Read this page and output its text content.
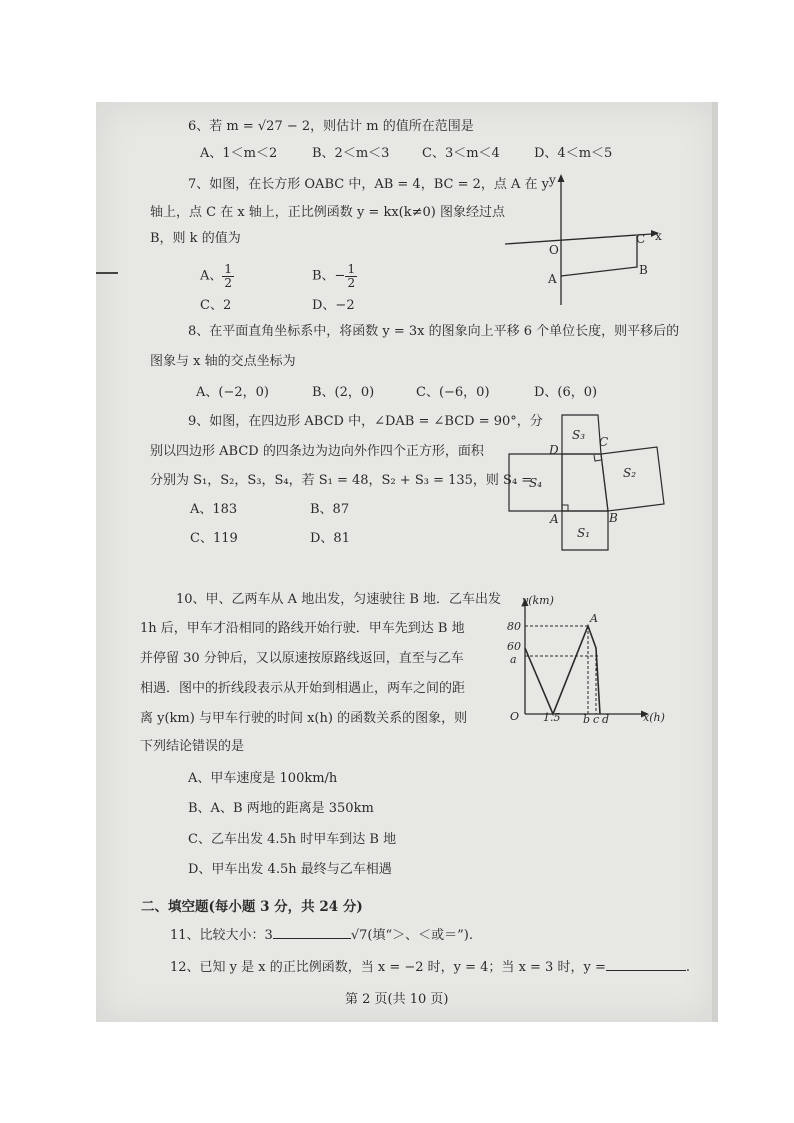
6、若 m = √27 − 2，则估计 m 的值所在范围是
A、1＜m＜2	B、2＜m＜3	C、3＜m＜4	D、4＜m＜5
7、如图，在长方形 OABC 中，AB = 4，BC = 2，点 A 在 y
轴上，点 C 在 x 轴上，正比例函数 y = kx(k≠0) 图象经过点
B，则 k 的值为
A、 $\frac{1}{2}$	B、− $\frac{1}{2}$
C、2	D、−2
y
x
O
A
B
C
8、在平面直角坐标系中，将函数 y = 3x 的图象向上平移 6 个单位长度，则平移后的
图象与 x 轴的交点坐标为
A、(−2，0)	B、(2，0)	C、(−6，0)	D、(6，0)
9、如图，在四边形 ABCD 中，∠DAB = ∠BCD = 90°，分
别以四边形 ABCD 的四条边为边向外作四个正方形，面积
分别为 S₁，S₂，S₃，S₄，若 S₁ = 48，S₂ + S₃ = 135，则 S₄ =
A、183	B、87
C、119	D、81	S₁
S₂
S₃
S₄
A	B
C
D
10、甲、乙两车从 A 地出发，匀速驶往 B 地．乙车出发
1h 后，甲车才沿相同的路线开始行驶．甲车先到达 B 地
并停留 30 分钟后，又以原速按原路线返回，直至与乙车
相遇．图中的折线段表示从开始到相遇止，两车之间的距
离 y(km) 与甲车行驶的时间 x(h) 的函数关系的图象，则
下列结论错误的是
A、甲车速度是 100km/h
B、A、B 两地的距离是 350km
C、乙车出发 4.5h 时甲车到达 B 地
D、甲车出发 4.5h 最终与乙车相遇
y(km)
x(h)
O
80
60
a
1.5 b c d
A
二、填空题(每小题 3 分，共 24 分)
11、比较大小：3	√7(填“＞、＜或＝”).
12、已知 y 是 x 的正比例函数，当 x = −2 时，y = 4；当 x = 3 时，y =	.
第 2 页(共 10 页)
